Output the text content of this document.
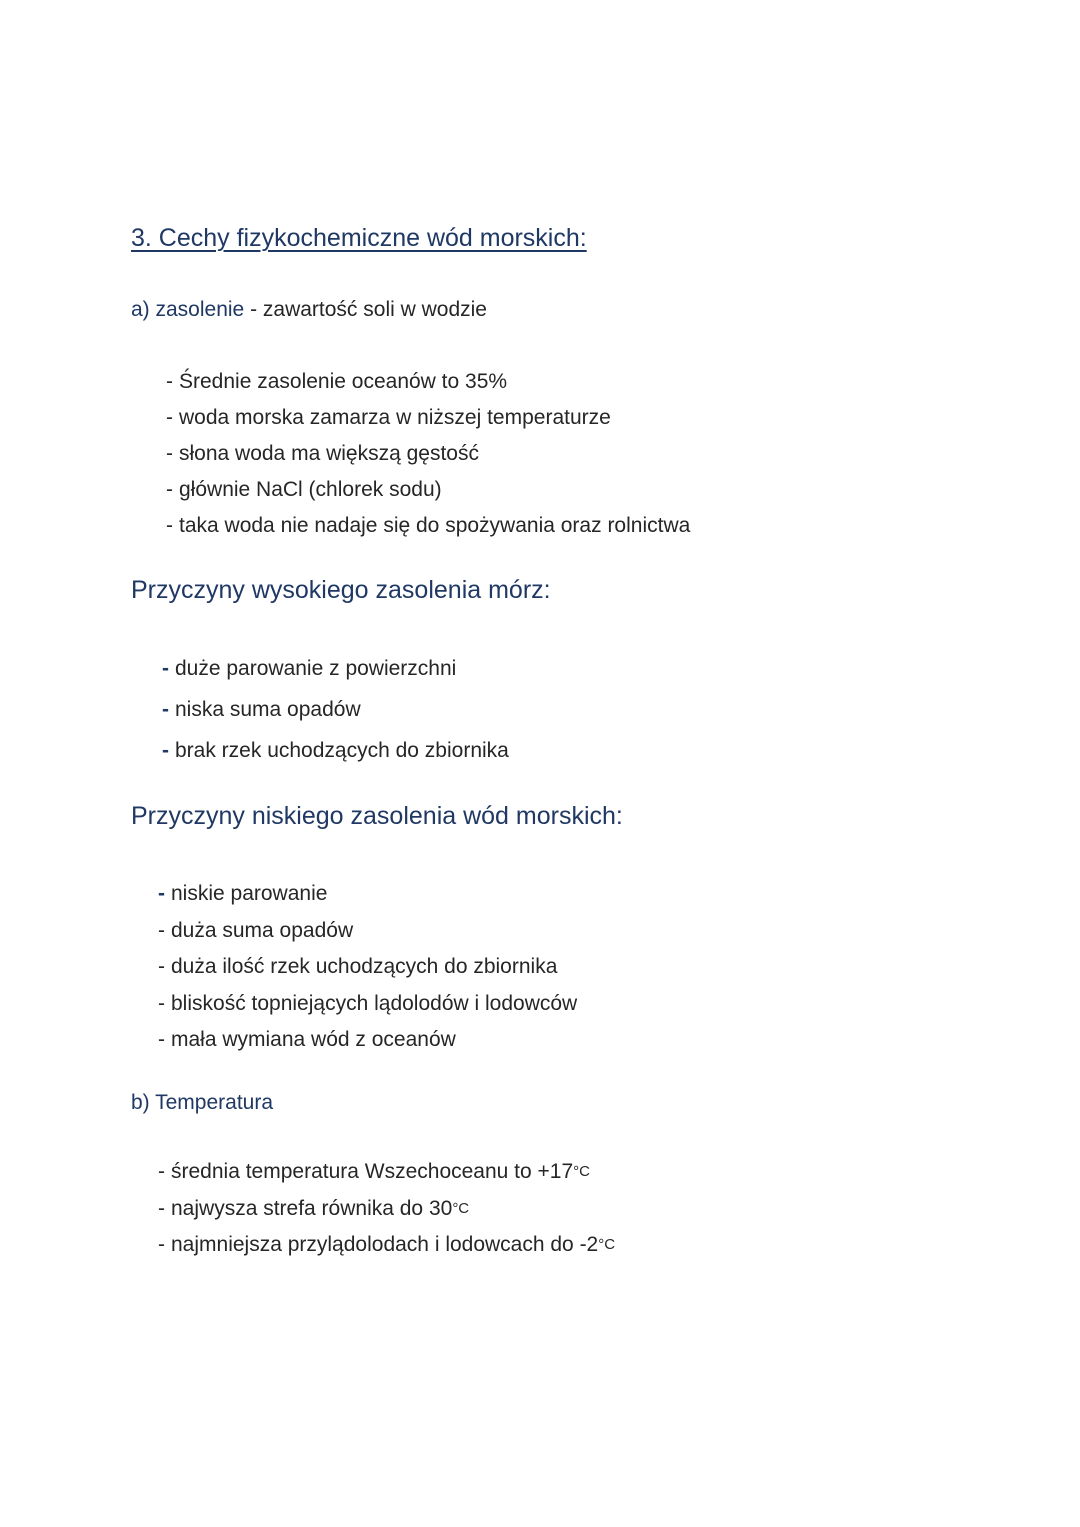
3. Cechy fizykochemiczne wód morskich:
a) zasolenie - zawartość soli w wodzie
- Średnie zasolenie oceanów to 35%
- woda morska zamarza w niższej temperaturze
- słona woda ma większą gęstość
- głównie NaCl (chlorek sodu)
- taka woda nie nadaje się do spożywania oraz rolnictwa
Przyczyny wysokiego zasolenia mórz:
- duże parowanie z powierzchni
- niska suma opadów
- brak rzek uchodzących do zbiornika
Przyczyny niskiego zasolenia wód morskich:
- niskie parowanie
- duża suma opadów
- duża ilość rzek uchodzących do zbiornika
- bliskość topniejących lądolodów i lodowców
- mała wymiana wód z oceanów
b) Temperatura
- średnia temperatura Wszechoceanu to +17 °C
- najwysza strefa równika do 30 °C
- najmniejsza przylądolodach i lodowcach do -2 °C
